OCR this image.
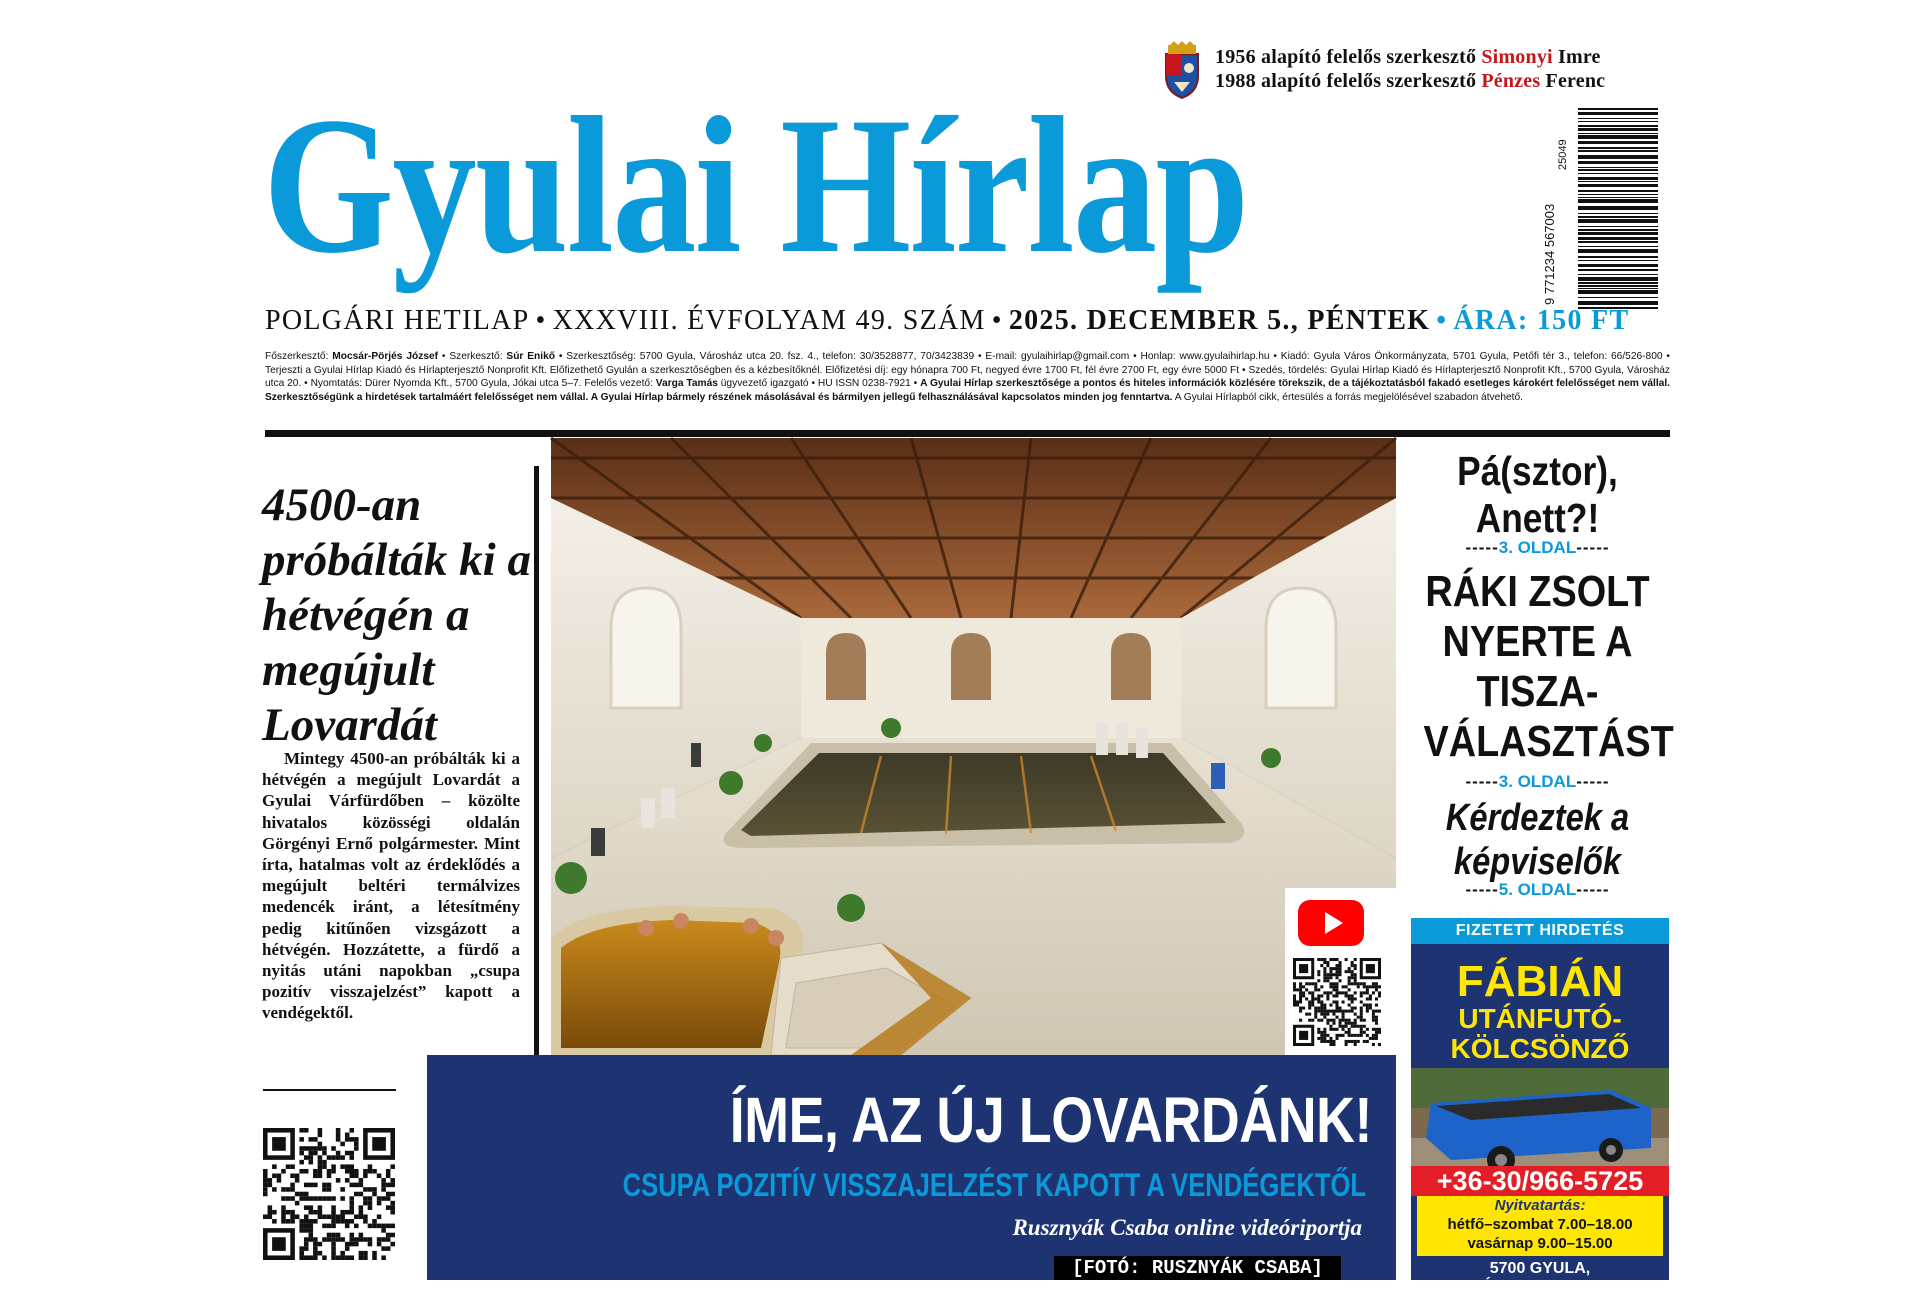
1956 alapító felelős szerkesztő Simonyi Imre
1988 alapító felelős szerkesztő Pénzes Ferenc
Gyulai Hírlap	9 771234 567003
25049
POLGÁRI HETILAP • XXXVIII. ÉVFOLYAM 49. SZÁM • 2025. DECEMBER 5., PÉNTEK • ÁRA: 150 FT
Főszerkesztő: Mocsár-Pörjés József • Szerkesztő: Súr Enikő • Szerkesztőség: 5700 Gyula, Városház utca 20. fsz. 4., telefon: 30/3528877, 70/3423839 • E-mail: gyulaihirlap@gmail.com • Honlap: www.gyulaihirlap.hu • Kiadó: Gyula Város Önkormányzata, 5701 Gyula, Petőfi tér 3., telefon: 66/526-800 • Terjeszti a Gyulai Hírlap Kiadó és Hírlapterjesztő Nonprofit Kft. Előfizethető Gyulán a szerkesztőségben és a kézbesítőknél. Előfizetési díj: egy hónapra 700 Ft, negyed évre 1700 Ft, fél évre 2700 Ft, egy évre 5000 Ft • Szedés, tördelés: Gyulai Hírlap Kiadó és Hírlapterjesztő Nonprofit Kft., 5700 Gyula, Városház utca 20. • Nyomtatás: Dürer Nyomda Kft., 5700 Gyula, Jókai utca 5–7. Felelős vezető: Varga Tamás ügyvezető igazgató • HU ISSN 0238-7921 • A Gyulai Hírlap szerkesztősége a pontos és hiteles információk közlésére törekszik, de a tájékoztatásból fakadó esetleges károkért felelősséget nem vállal. Szerkesztőségünk a hirdetések tartalmáért felelősséget nem vállal. A Gyulai Hírlap bármely részének másolásával és bármilyen jellegű felhasználásával kapcsolatos minden jog fenntartva. A Gyulai Hírlapból cikk, értesülés a forrás megjelölésével szabadon átvehető.
4500-an próbálták ki a hétvégén a megújult Lovardát
Mintegy 4500-an próbálták ki a hétvégén a megújult Lovardát a Gyulai Várfürdőben – közölte hivatalos közösségi oldalán Görgényi Ernő polgármester. Mint írta, hatalmas volt az érdeklődés a megújult beltéri termálvizes medencék iránt, a létesítmény pedig kitűnően vizsgázott a hétvégén. Hozzátette, a fürdő a nyitás utáni napokban „csupa pozitív visszajelzést” kapott a vendégektől.
ÍME, AZ ÚJ LOVARDÁNK!
CSUPA POZITÍV VISSZAJELZÉST KAPOTT A VENDÉGEKTŐL
Rusznyák Csaba online videóriportja
[FOTÓ: RUSZNYÁK CSABA]
Pá(sztor), Anett?!
-----3. OLDAL-----
RÁKI ZSOLT NYERTE A TISZA-VÁLASZTÁST
-----3. OLDAL-----
Kérdeztek a képviselők
-----5. OLDAL-----
FIZETETT HIRDETÉS
FÁBIÁN
UTÁNFUTÓ-
KÖLCSÖNZŐ
+36-30/966-5725
Nyitvatartás:
hétfő–szombat 7.00–18.00
vasárnap 9.00–15.00
5700 GYULA,
SZLÁNYI TANYA 11671.
